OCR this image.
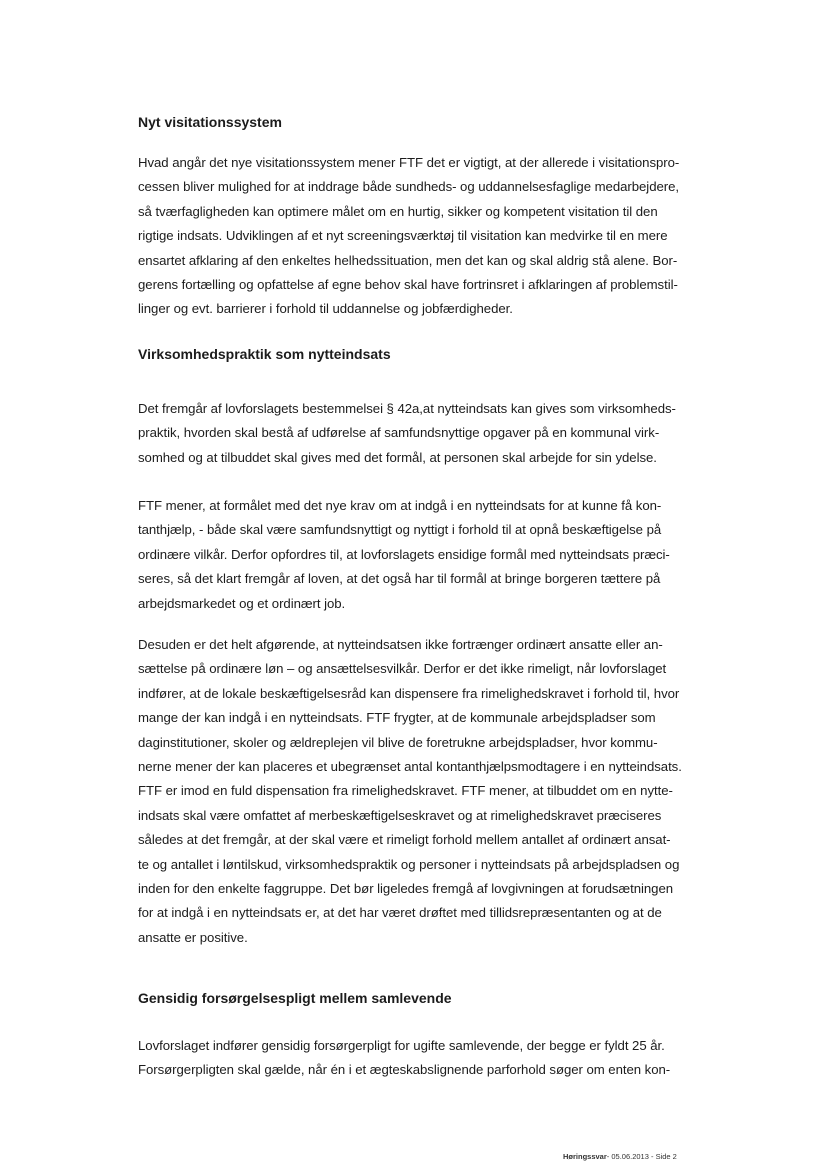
Nyt visitationssystem
Hvad angår det nye visitationssystem mener FTF det er vigtigt, at der allerede i visitationspro-
cessen bliver mulighed for at inddrage både sundheds- og uddannelsesfaglige medarbejdere,
så tværfagligheden kan optimere målet om en hurtig, sikker og kompetent visitation til den
rigtige indsats. Udviklingen af et nyt screeningsværktøj til visitation kan medvirke til en mere
ensartet afklaring af den enkeltes helhedssituation, men det kan og skal aldrig stå alene. Bor-
gerens fortælling og opfattelse af egne behov skal have fortrinsret i afklaringen af problemstil-
linger og evt. barrierer i forhold til uddannelse og jobfærdigheder.
Virksomhedspraktik som nytteindsats
Det fremgår af lovforslagets bestemmelsei § 42a,at nytteindsats kan gives som virksomheds-
praktik, hvorden skal bestå af udførelse af samfundsnyttige opgaver på en kommunal virk-
somhed og at tilbuddet skal gives med det formål, at personen skal arbejde for sin ydelse.
FTF mener, at formålet med det nye krav om at indgå i en nytteindsats for at kunne få kon-
tanthjælp, - både skal være samfundsnyttigt og nyttigt i forhold til at opnå beskæftigelse på
ordinære vilkår. Derfor opfordres til, at lovforslagets ensidige formål med nytteindsats præci-
seres, så det klart fremgår af loven, at det også har til formål at bringe borgeren tættere på
arbejdsmarkedet og et ordinært job.
Desuden er det helt afgørende, at nytteindsatsen ikke fortrænger ordinært ansatte eller an-
sættelse på ordinære løn – og ansættelsesvilkår. Derfor er det ikke rimeligt, når lovforslaget
indfører, at de lokale beskæftigelsesråd kan dispensere fra rimelighedskravet i forhold til, hvor
mange der kan indgå i en nytteindsats. FTF frygter, at de kommunale arbejdspladser som
daginstitutioner, skoler og ældreplejen vil blive de foretrukne arbejdspladser, hvor kommu-
nerne mener der kan placeres et ubegrænset antal kontanthjælpsmodtagere i en nytteindsats.
FTF er imod en fuld dispensation fra rimelighedskravet. FTF mener, at tilbuddet om en nytte-
indsats skal være omfattet af merbeskæftigelseskravet og at rimelighedskravet præciseres
således at det fremgår, at der skal være et rimeligt forhold mellem antallet af ordinært ansat-
te og antallet i løntilskud, virksomhedspraktik og personer i nytteindsats på arbejdspladsen og
inden for den enkelte faggruppe. Det bør ligeledes fremgå af lovgivningen at forudsætningen
for at indgå i en nytteindsats er, at det har været drøftet med tillidsrepræsentanten og at de
ansatte er positive.
Gensidig forsørgelsespligt mellem samlevende
Lovforslaget indfører gensidig forsørgerpligt for ugifte samlevende, der begge er fyldt 25 år.
Forsørgerpligten skal gælde, når én i et ægteskabslignende parforhold søger om enten kon-
Høringssvar- 05.06.2013 - Side 2
